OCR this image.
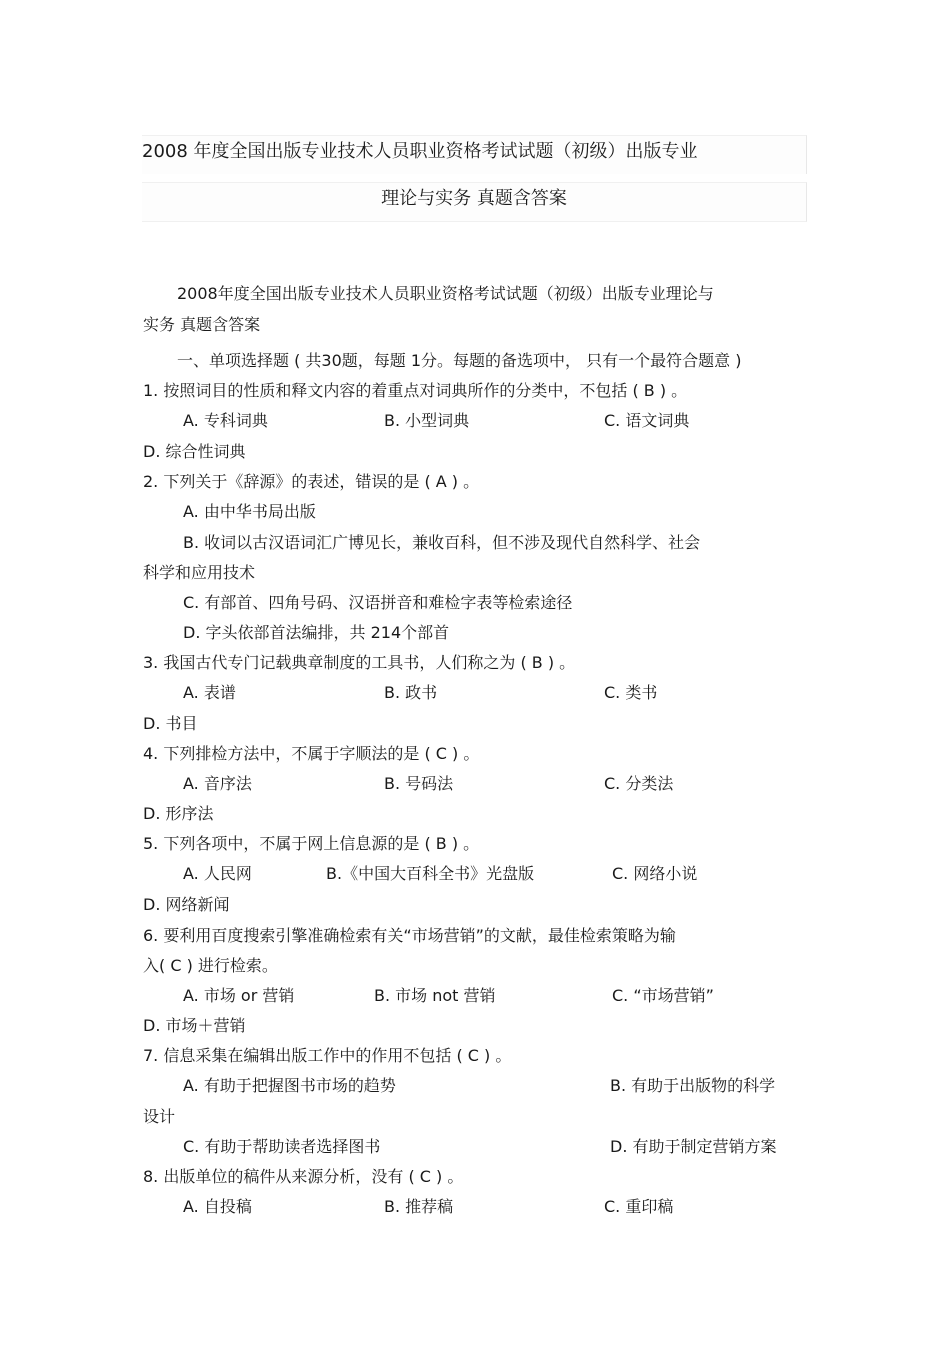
2008 年度全国出版专业技术人员职业资格考试试题（初级）出版专业
理论与实务 真题含答案
2008年度全国出版专业技术人员职业资格考试试题（初级）出版专业理论与
实务 真题含答案
一、单项选择题 ( 共30题，每题 1分。每题的备选项中， 只有一个最符合题意 )
1. 按照词目的性质和释文内容的着重点对词典所作的分类中，不包括 ( B ) 。
A. 专科词典	B. 小型词典	C. 语文词典
D. 综合性词典
2. 下列关于《辞源》的表述，错误的是 ( A ) 。
A. 由中华书局出版
B. 收词以古汉语词汇广博见长，兼收百科，但不涉及现代自然科学、社会
科学和应用技术
C. 有部首、四角号码、汉语拼音和难检字表等检索途径
D. 字头依部首法编排，共 214个部首
3. 我国古代专门记载典章制度的工具书，人们称之为 ( B ) 。
A. 表谱	B. 政书	C. 类书
D. 书目
4. 下列排检方法中，不属于字顺法的是 ( C ) 。
A. 音序法	B. 号码法	C. 分类法
D. 形序法
5. 下列各项中，不属于网上信息源的是 ( B ) 。
A. 人民网	B.《中国大百科全书》光盘版	C. 网络小说
D. 网络新闻
6. 要利用百度搜索引擎准确检索有关“市场营销”的文献，最佳检索策略为输
入( C ) 进行检索。
A. 市场 or 营销	B. 市场 not 营销	C. “市场营销”
D. 市场＋营销
7. 信息采集在编辑出版工作中的作用不包括 ( C ) 。
A. 有助于把握图书市场的趋势	B. 有助于出版物的科学
设计
C. 有助于帮助读者选择图书	D. 有助于制定营销方案
8. 出版单位的稿件从来源分析，没有 ( C ) 。
A. 自投稿	B. 推荐稿	C. 重印稿
